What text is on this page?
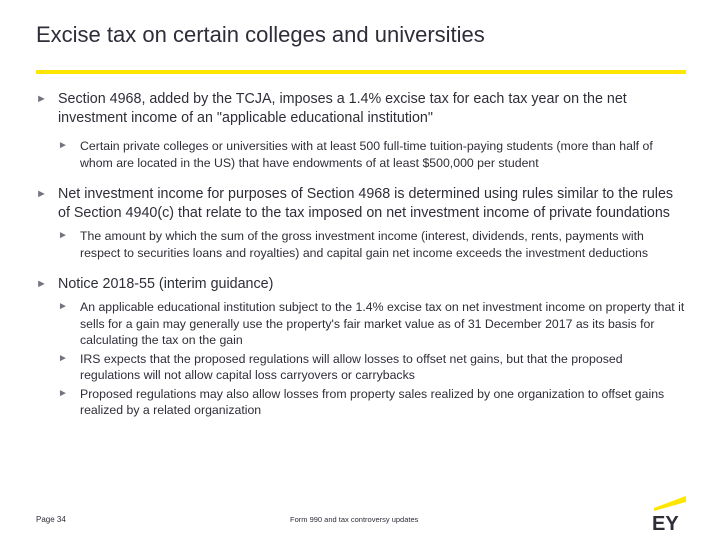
Excise tax on certain colleges and universities
► Section 4968, added by the TCJA, imposes a 1.4% excise tax for each tax year on the net investment income of an "applicable educational institution"
► Certain private colleges or universities with at least 500 full-time tuition-paying students (more than half of whom are located in the US) that have endowments of at least $500,000 per student
► Net investment income for purposes of Section 4968 is determined using rules similar to the rules of Section 4940(c) that relate to the tax imposed on net investment income of private foundations
► The amount by which the sum of the gross investment income (interest, dividends, rents, payments with respect to securities loans and royalties) and capital gain net income exceeds the investment deductions
► Notice 2018-55 (interim guidance)
► An applicable educational institution subject to the 1.4% excise tax on net investment income on property that it sells for a gain may generally use the property's fair market value as of 31 December 2017 as its basis for calculating the tax on the gain
► IRS expects that the proposed regulations will allow losses to offset net gains, but that the proposed regulations will not allow capital loss carryovers or carrybacks
► Proposed regulations may also allow losses from property sales realized by one organization to offset gains realized by a related organization
Page 34	Form 990 and tax controversy updates	EY
